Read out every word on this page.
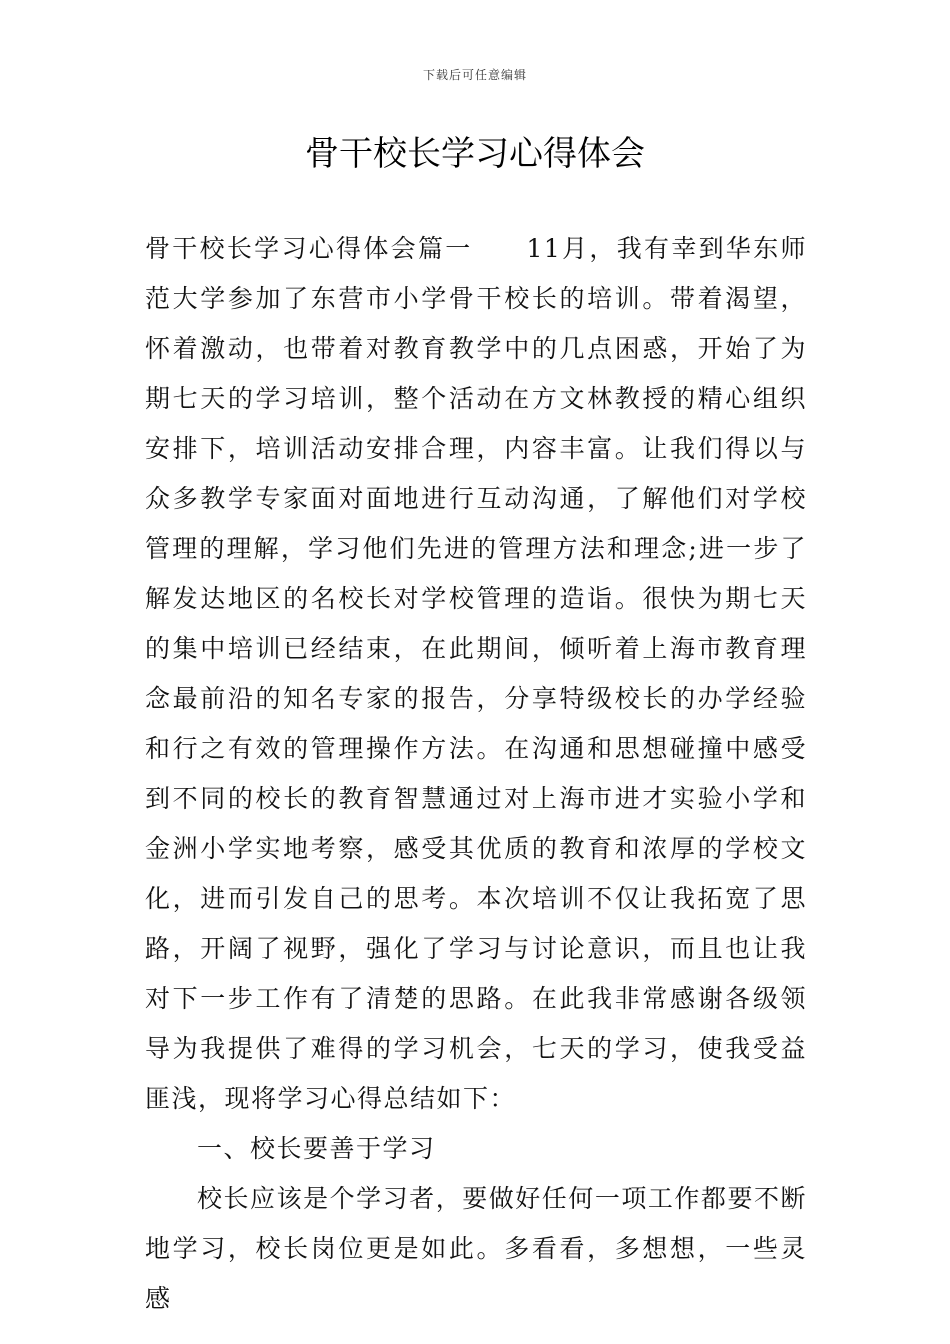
下载后可任意编辑
骨干校长学习心得体会

骨干校长学习心得体会篇一 11月，我有幸到华东师范大学参加了东营市小学骨干校长的培训。带着渴望，怀着激动，也带着对教育教学中的几点困惑，开始了为期七天的学习培训，整个活动在方文林教授的精心组织安排下，培训活动安排合理，内容丰富。让我们得以与众多教学专家面对面地进行互动沟通，了解他们对学校管理的理解，学习他们先进的管理方法和理念;进一步了解发达地区的名校长对学校管理的造诣。很快为期七天的集中培训已经结束，在此期间，倾听着上海市教育理念最前沿的知名专家的报告，分享特级校长的办学经验和行之有效的管理操作方法。在沟通和思想碰撞中感受到不同的校长的教育智慧通过对上海市进才实验小学和金洲小学实地考察，感受其优质的教育和浓厚的学校文化，进而引发自己的思考。本次培训不仅让我拓宽了思路，开阔了视野，强化了学习与讨论意识，而且也让我对下一步工作有了清楚的思路。在此我非常感谢各级领导为我提供了难得的学习机会，七天的学习，使我受益匪浅，现将学习心得总结如下：

一、校长要善于学习

校长应该是个学习者，要做好任何一项工作都要不断地学习，校长岗位更是如此。多看看，多想想，一些灵感
